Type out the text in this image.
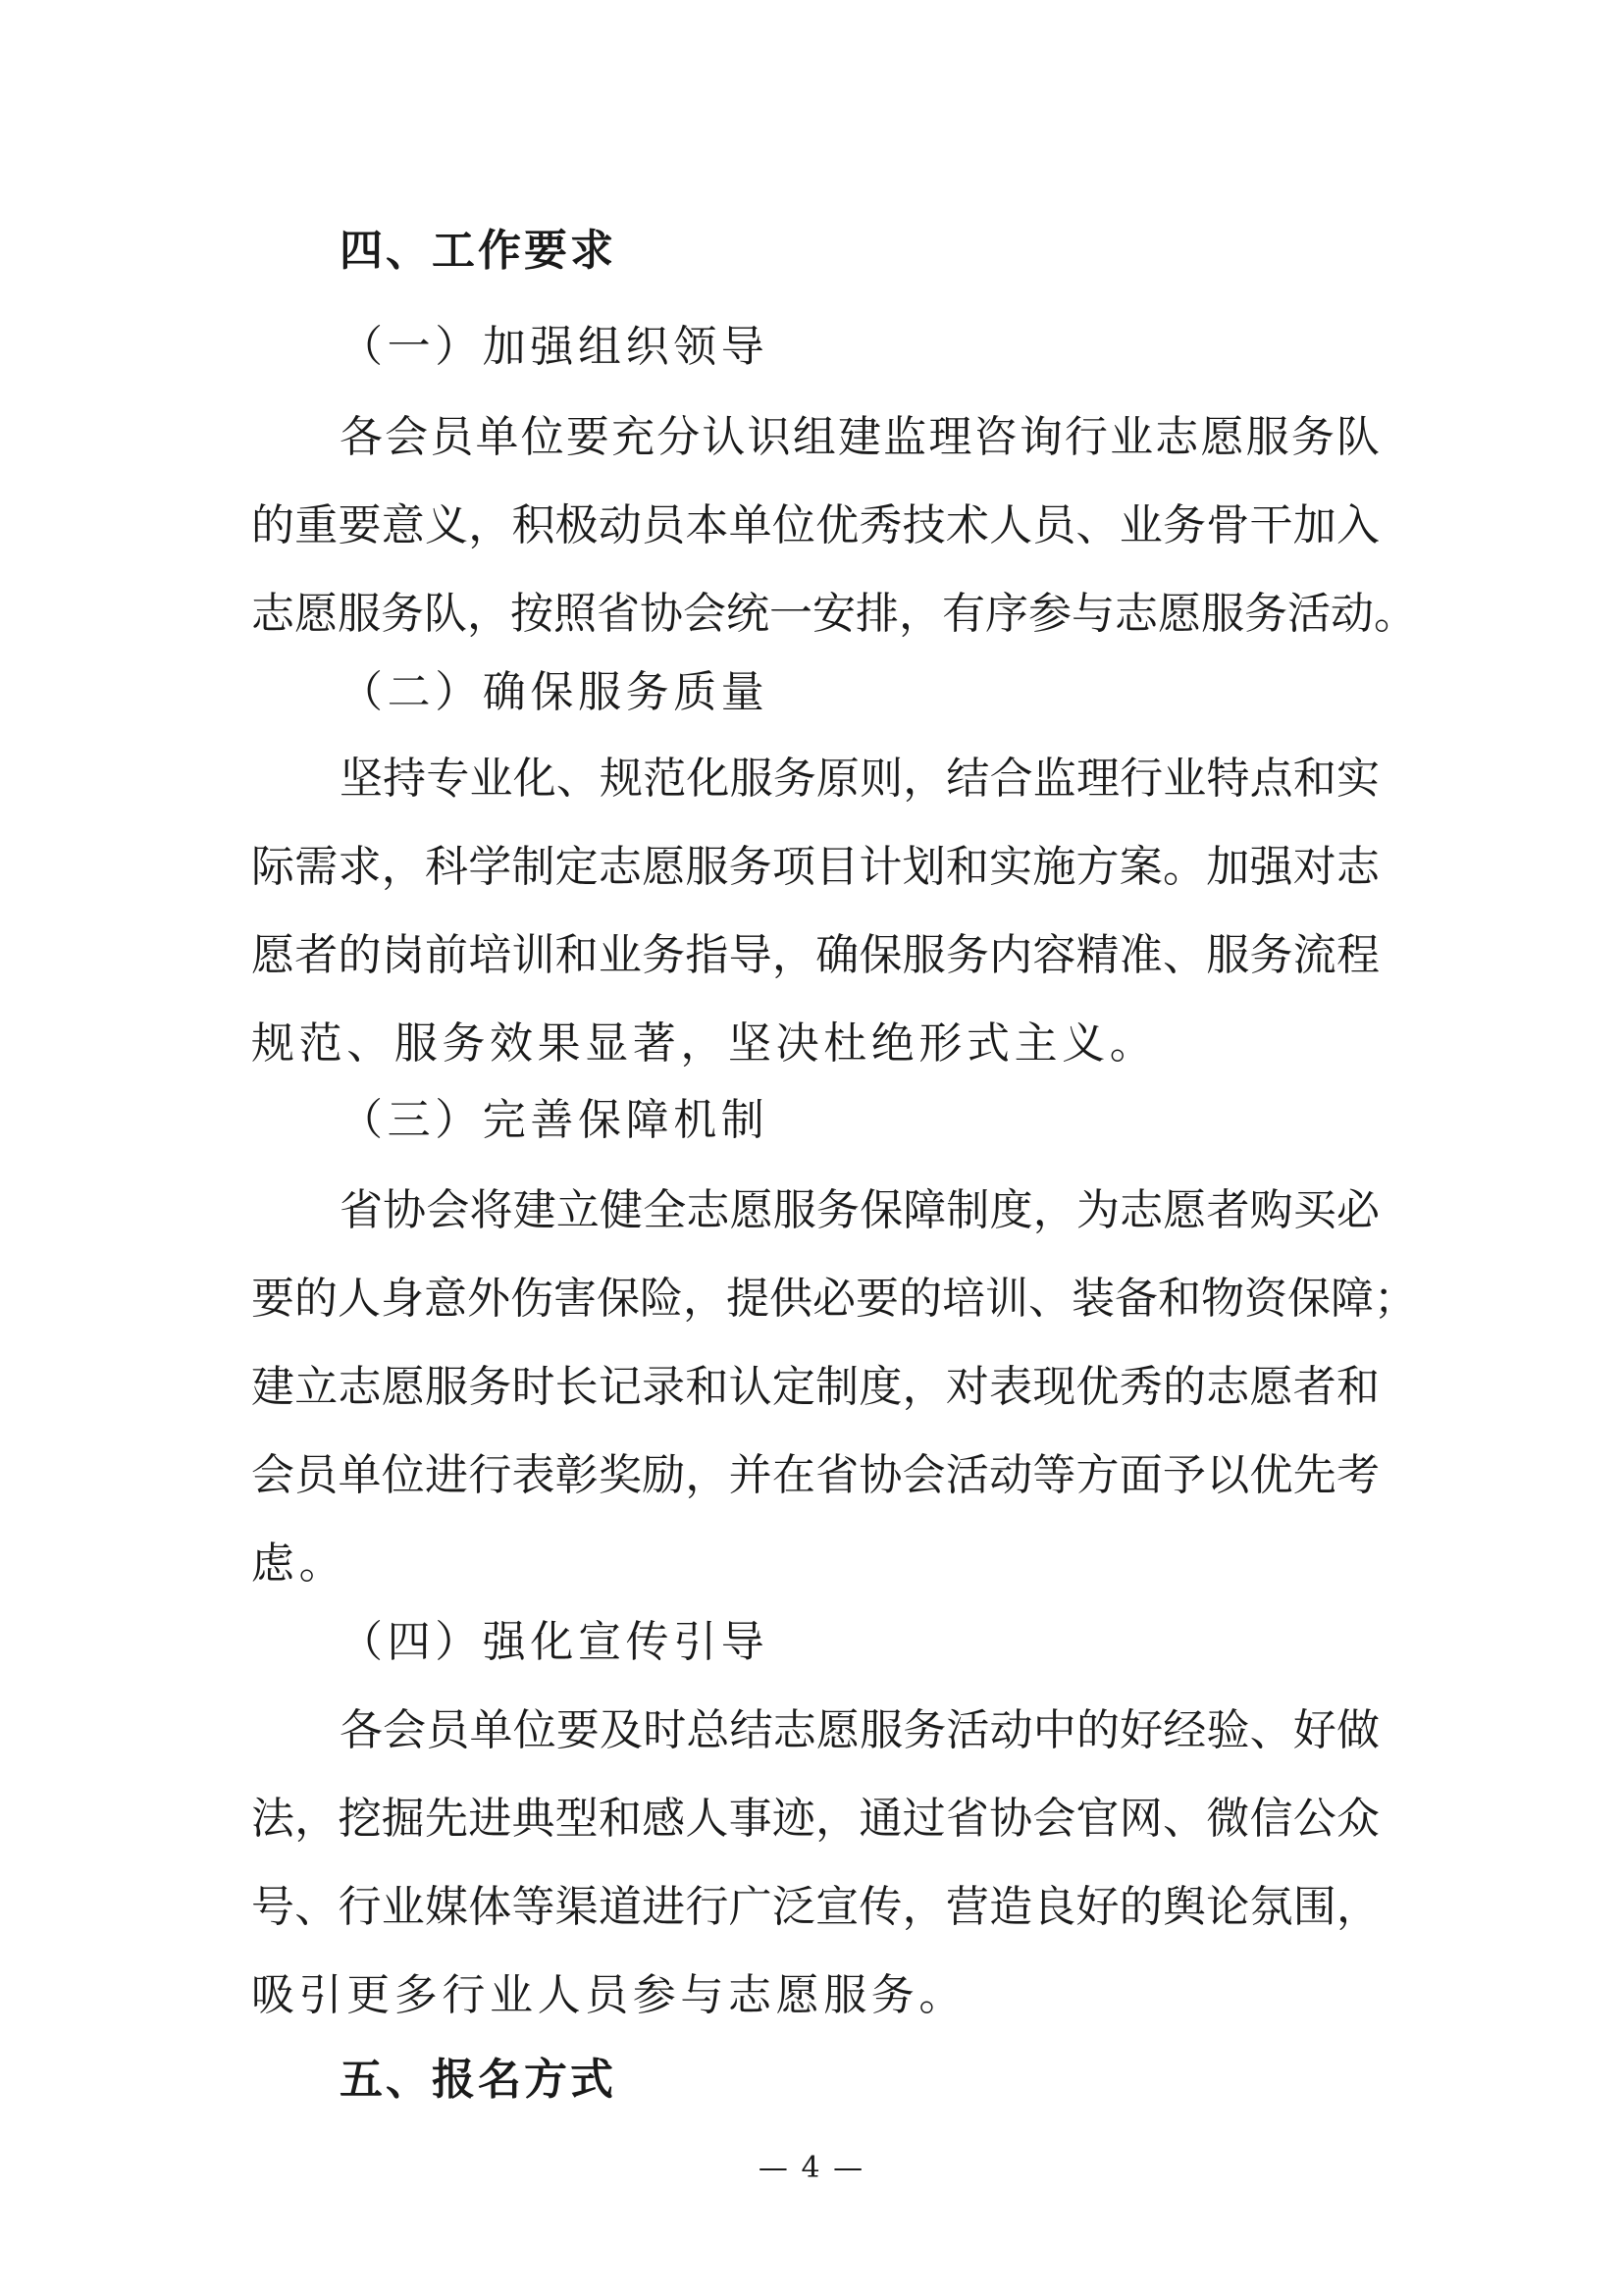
四、工作要求
（一）加强组织领导
各会员单位要充分认识组建监理咨询行业志愿服务队
的重要意义，积极动员本单位优秀技术人员、业务骨干加入
志愿服务队，按照省协会统一安排，有序参与志愿服务活动。
（二）确保服务质量
坚持专业化、规范化服务原则，结合监理行业特点和实
际需求，科学制定志愿服务项目计划和实施方案。加强对志
愿者的岗前培训和业务指导，确保服务内容精准、服务流程
规范、服务效果显著，坚决杜绝形式主义。
（三）完善保障机制
省协会将建立健全志愿服务保障制度，为志愿者购买必
要的人身意外伤害保险，提供必要的培训、装备和物资保障；
建立志愿服务时长记录和认定制度，对表现优秀的志愿者和
会员单位进行表彰奖励，并在省协会活动等方面予以优先考
虑。
（四）强化宣传引导
各会员单位要及时总结志愿服务活动中的好经验、好做
法，挖掘先进典型和感人事迹，通过省协会官网、微信公众
号、行业媒体等渠道进行广泛宣传，营造良好的舆论氛围，
吸引更多行业人员参与志愿服务。
五、报名方式
— 4 —
